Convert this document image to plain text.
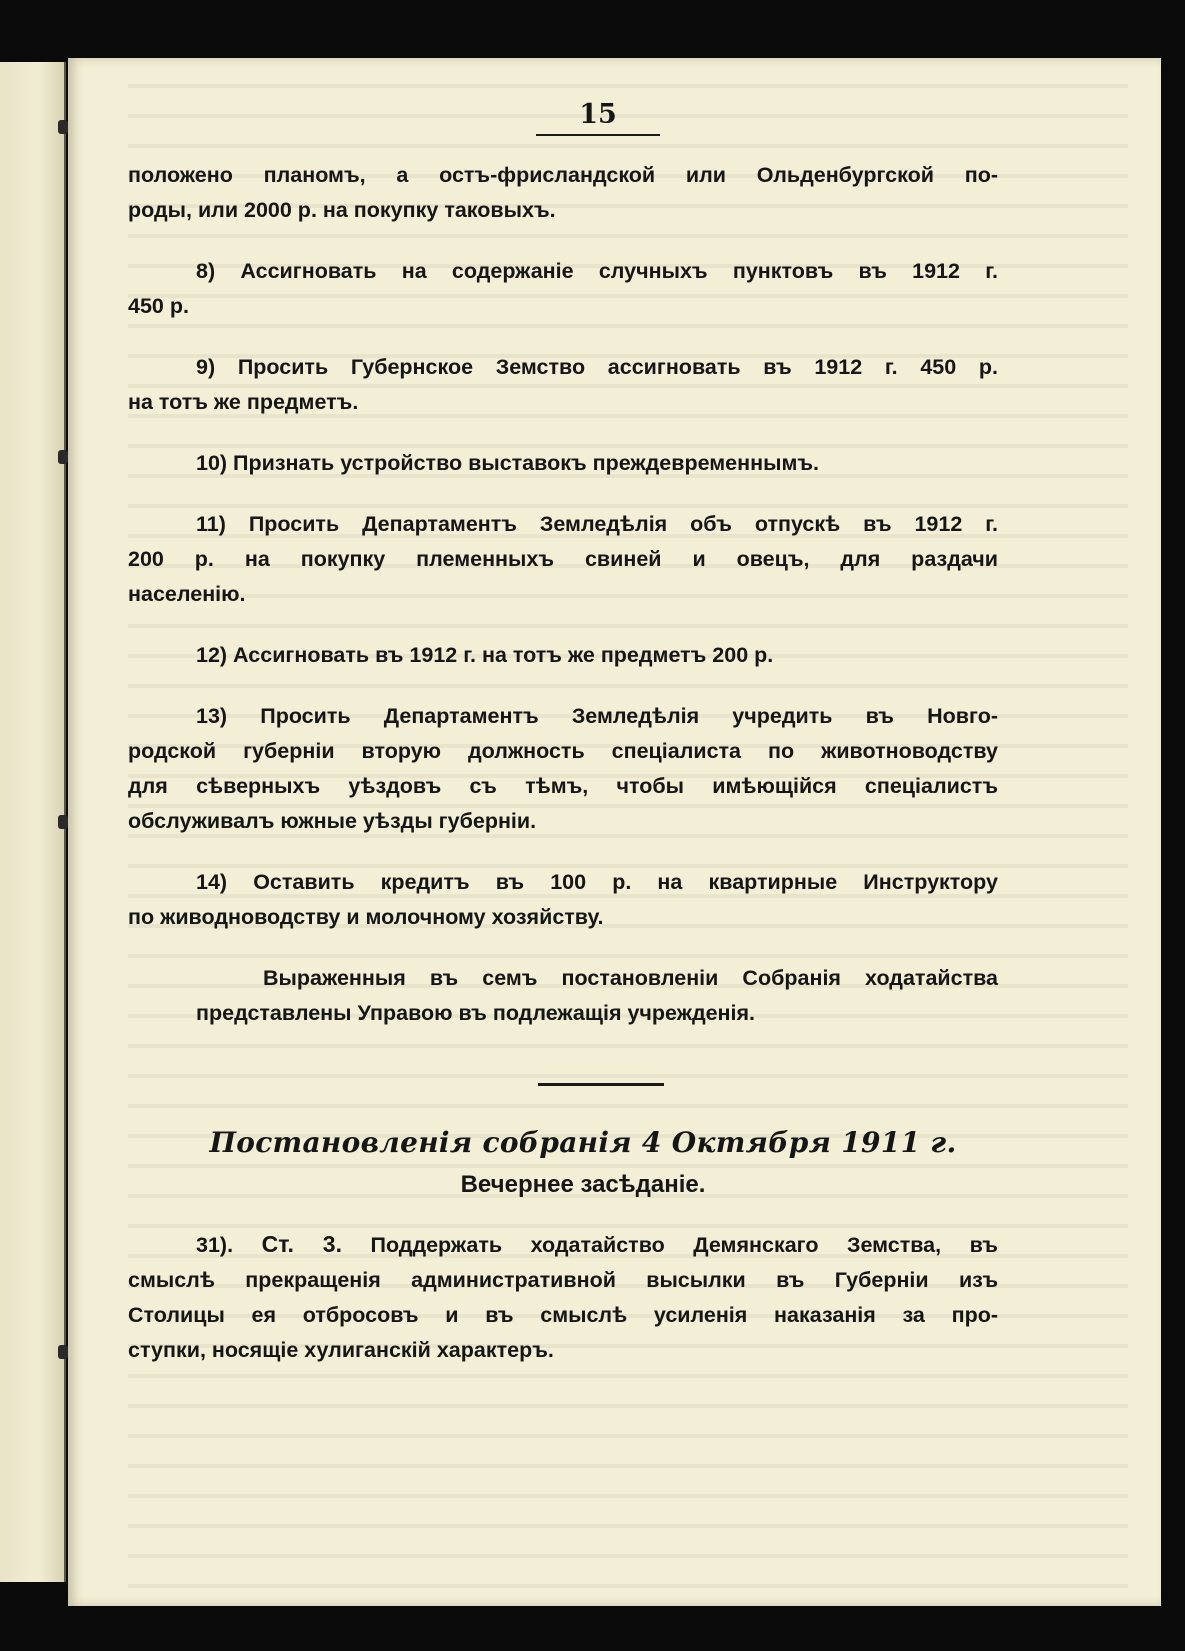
15
положено планомъ, а остъ-фрисландской или Ольденбургской по-
роды, или 2000 р. на покупку таковыхъ.
8) Ассигновать на содержанiе случныхъ пунктовъ въ 1912 г.
450 р.
9) Просить Губернское Земство ассигновать въ 1912 г. 450 р.
на тотъ же предметъ.
10) Признать устройство выставокъ преждевременнымъ.
11) Просить Департаментъ Земледѣлiя объ отпускѣ въ 1912 г.
200 р. на покупку племенныхъ свиней и овецъ, для раздачи
населенiю.
12) Ассигновать въ 1912 г. на тотъ же предметъ 200 р.
13) Просить Департаментъ Земледѣлiя учредить въ Новго-
родской губернiи вторую должность спецiалиста по животноводству
для сѣверныхъ уѣздовъ съ тѣмъ, чтобы имѣющiйся спецiалистъ
обслуживалъ южные уѣзды губернiи.
14) Оставить кредитъ въ 100 р. на квартирные Инструктору
по живодноводству и молочному хозяйству.
Выраженныя въ семъ постановленiи Собранiя ходатайства
представлены Управою въ подлежащiя учрежденiя.
Постановленiя собранiя 4 Октября 1911 г.
Вечернее засѣданiе.
31). Ст. 3. Поддержать ходатайство Демянскаго Земства, въ
смыслѣ прекращенiя административной высылки въ Губернiи изъ
Столицы ея отбросовъ и въ смыслѣ усиленiя наказанiя за про-
ступки, носящiе хулиганскiй характеръ.
